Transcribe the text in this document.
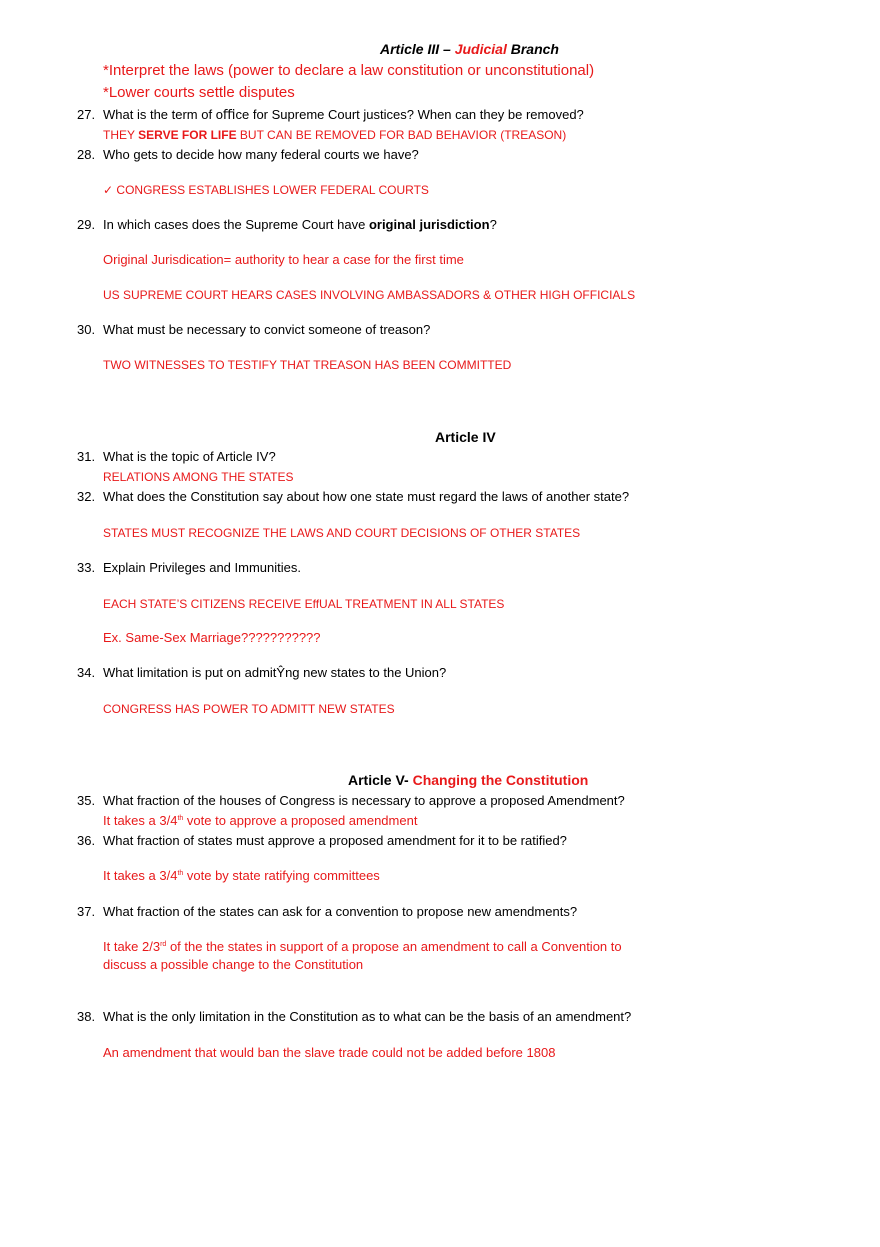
Article III – Judicial Branch
*Interpret the laws (power to declare a law constitution or unconstitutional)
*Lower courts settle disputes
27. What is the term of oﬃce for Supreme Court justices? When can they be removed?
THEY SERVE FOR LIFE BUT CAN BE REMOVED FOR BAD BEHAVIOR (TREASON)
28. Who gets to decide how many federal courts we have?
✓ CONGRESS ESTABLISHES LOWER FEDERAL COURTS
29. In which cases does the Supreme Court have original jurisdiction?
Original Jurisdication= authority to hear a case for the first time
US SUPREME COURT HEARS CASES INVOLVING AMBASSADORS & OTHER HIGH OFFICIALS
30. What must be necessary to convict someone of treason?
TWO WITNESSES TO TESTIFY THAT TREASON HAS BEEN COMMITTED
Article IV
31. What is the topic of Article IV?
RELATIONS AMONG THE STATES
32. What does the Constitution say about how one state must regard the laws of another state?
STATES MUST RECOGNIZE THE LAWS AND COURT DECISIONS OF OTHER STATES
33. Explain Privileges and Immunities.
EACH STATE’S CITIZENS RECEIVE EffUAL TREATMENT IN ALL STATES
Ex. Same-Sex Marriage???????????
34. What limitation is put on admitŶng new states to the Union?
CONGRESS HAS POWER TO ADMITT NEW STATES
Article V- Changing the Constitution
35. What fraction of the houses of Congress is necessary to approve a proposed Amendment?
It takes a 3/4th vote to approve a proposed amendment
36. What fraction of states must approve a proposed amendment for it to be ratified?
It takes a 3/4th vote by state ratifying committees
37. What fraction of the states can ask for a convention to propose new amendments?
It take 2/3rd of the the states in support of a propose an amendment to call a Convention to
discuss a possible change to the Constitution
38. What is the only limitation in the Constitution as to what can be the basis of an amendment?
An amendment that would ban the slave trade could not be added before 1808
